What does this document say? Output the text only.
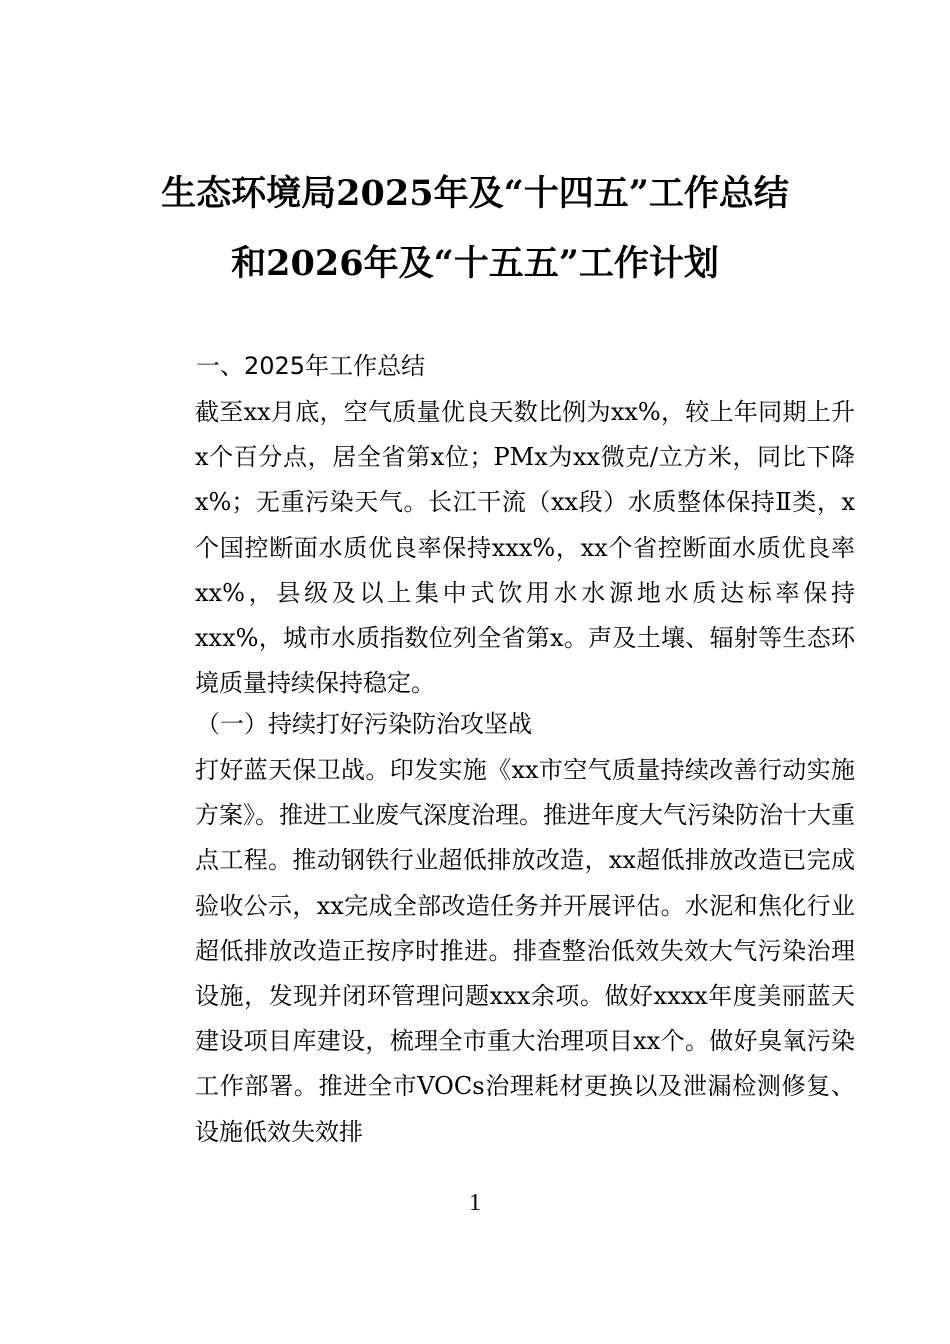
生态环境局2025年及“十四五”工作总结
和2026年及“十五五”工作计划
一、2025年工作总结
截至xx月底，空气质量优良天数比例为xx%，较上年同期上升x个百分点，居全省第x位；PMx为xx微克/立方米，同比下降x%；无重污染天气。长江干流（xx段）水质整体保持Ⅱ类，x个国控断面水质优良率保持xxx%，xx个省控断面水质优良率xx%，县级及以上集中式饮用水水源地水质达标率保持xxx%，城市水质指数位列全省第x。声及土壤、辐射等生态环境质量持续保持稳定。
（一）持续打好污染防治攻坚战
打好蓝天保卫战。印发实施《xx市空气质量持续改善行动实施方案》。推进工业废气深度治理。推进年度大气污染防治十大重点工程。推动钢铁行业超低排放改造，xx超低排放改造已完成验收公示，xx完成全部改造任务并开展评估。水泥和焦化行业超低排放改造正按序时推进。排查整治低效失效大气污染治理设施，发现并闭环管理问题xxx余项。做好xxxx年度美丽蓝天建设项目库建设，梳理全市重大治理项目xx个。做好臭氧污染工作部署。推进全市VOCs治理耗材更换以及泄漏检测修复、设施低效失效排
1
